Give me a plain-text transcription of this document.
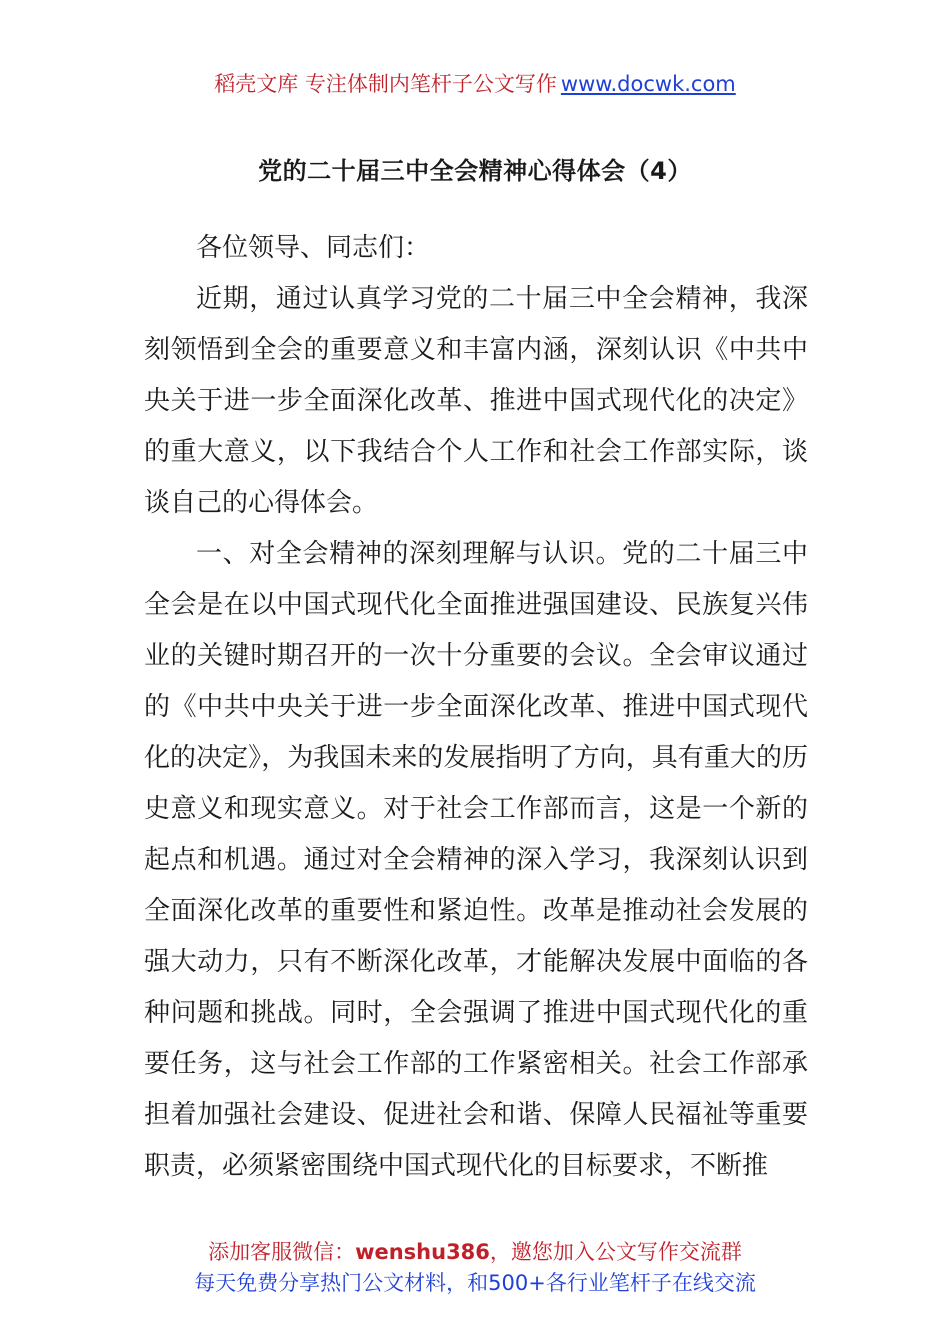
稻壳文库 专注体制内笔杆子公文写作 www.docwk.com
党的二十届三中全会精神心得体会（4）

各位领导、同志们：

近期，通过认真学习党的二十届三中全会精神，我深刻领悟到全会的重要意义和丰富内涵，深刻认识《中共中央关于进一步全面深化改革、推进中国式现代化的决定》的重大意义，以下我结合个人工作和社会工作部实际，谈谈自己的心得体会。

一、对全会精神的深刻理解与认识。党的二十届三中全会是在以中国式现代化全面推进强国建设、民族复兴伟业的关键时期召开的一次十分重要的会议。全会审议通过的《中共中央关于进一步全面深化改革、推进中国式现代化的决定》，为我国未来的发展指明了方向，具有重大的历史意义和现实意义。对于社会工作部而言，这是一个新的起点和机遇。通过对全会精神的深入学习，我深刻认识到全面深化改革的重要性和紧迫性。改革是推动社会发展的强大动力，只有不断深化改革，才能解决发展中面临的各种问题和挑战。同时，全会强调了推进中国式现代化的重要任务，这与社会工作部的工作紧密相关。社会工作部承担着加强社会建设、促进社会和谐、保障人民福祉等重要职责，必须紧密围绕中国式现代化的目标要求，不断推

添加客服微信：wenshu386，邀您加入公文写作交流群
每天免费分享热门公文材料，和500+各行业笔杆子在线交流
